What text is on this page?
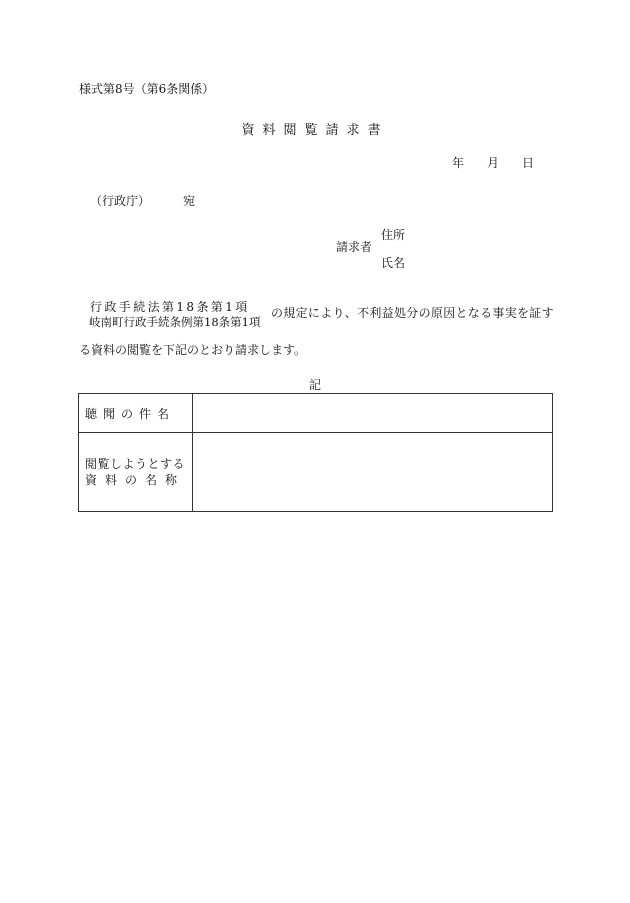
様式第8号（第6条関係）
資料閲覧請求書
年 月 日
（行政庁）	宛
請求者
住所
氏名
行政手続法第18条第1項
岐南町行政手続条例第18条第1項
の規定により、不利益処分の原因となる事実を証す
る資料の閲覧を下記のとおり請求します。
記
聴聞の件名	

閲覧しようとする
資料の名称	
